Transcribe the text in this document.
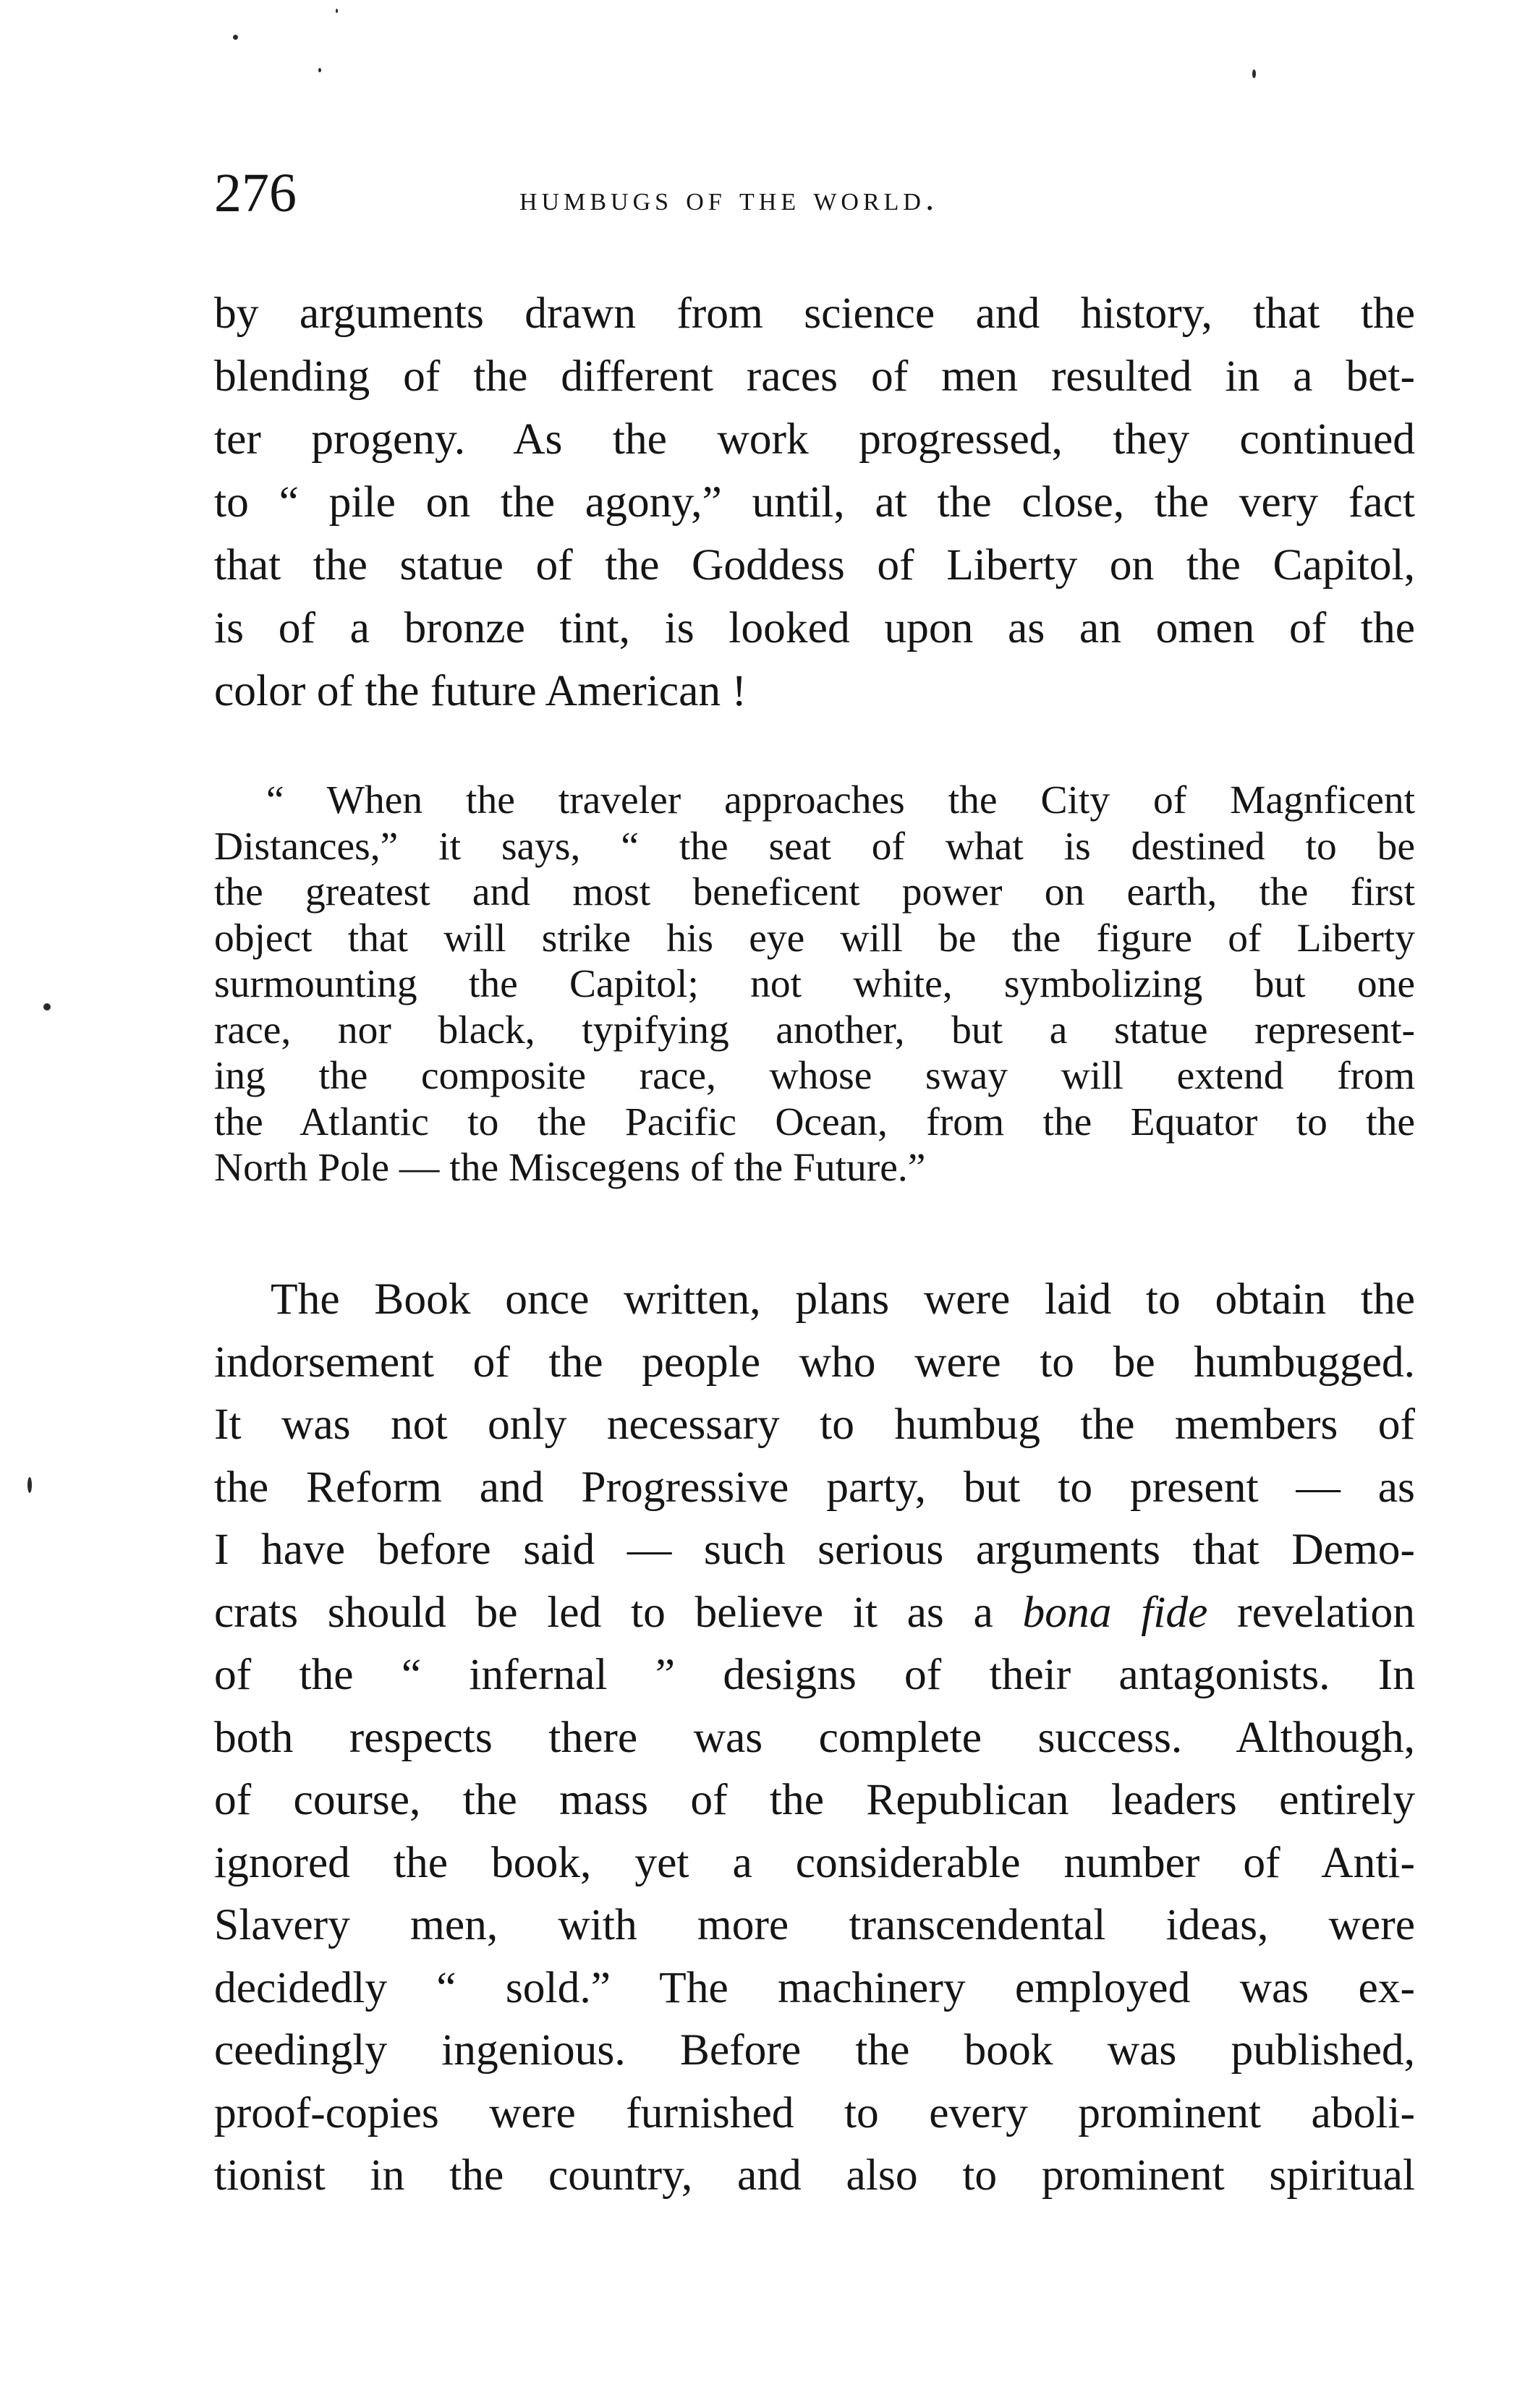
276	humbugs of the world.
by arguments drawn from science and history, that the
blending of the different races of men resulted in a bet-
ter progeny. As the work progressed, they continued
to “ pile on the agony,” until, at the close, the very fact
that the statue of the Goddess of Liberty on the Capitol,
is of a bronze tint, is looked upon as an omen of the
color of the future American !
“ When the traveler approaches the City of Magnficent
Distances,” it says, “ the seat of what is destined to be
the greatest and most beneficent power on earth, the first
object that will strike his eye will be the figure of Liberty
surmounting the Capitol; not white, symbolizing but one
race, nor black, typifying another, but a statue represent-
ing the composite race, whose sway will extend from
the Atlantic to the Pacific Ocean, from the Equator to the
North Pole — the Miscegens of the Future.”
The Book once written, plans were laid to obtain the
indorsement of the people who were to be humbugged.
It was not only necessary to humbug the members of
the Reform and Progressive party, but to present — as
I have before said — such serious arguments that Demo-
crats should be led to believe it as a bona fide revelation
of the “ infernal ” designs of their antagonists. In
both respects there was complete success. Although,
of course, the mass of the Republican leaders entirely
ignored the book, yet a considerable number of Anti-
Slavery men, with more transcendental ideas, were
decidedly “ sold.” The machinery employed was ex-
ceedingly ingenious. Before the book was published,
proof-copies were furnished to every prominent aboli-
tionist in the country, and also to prominent spiritual
